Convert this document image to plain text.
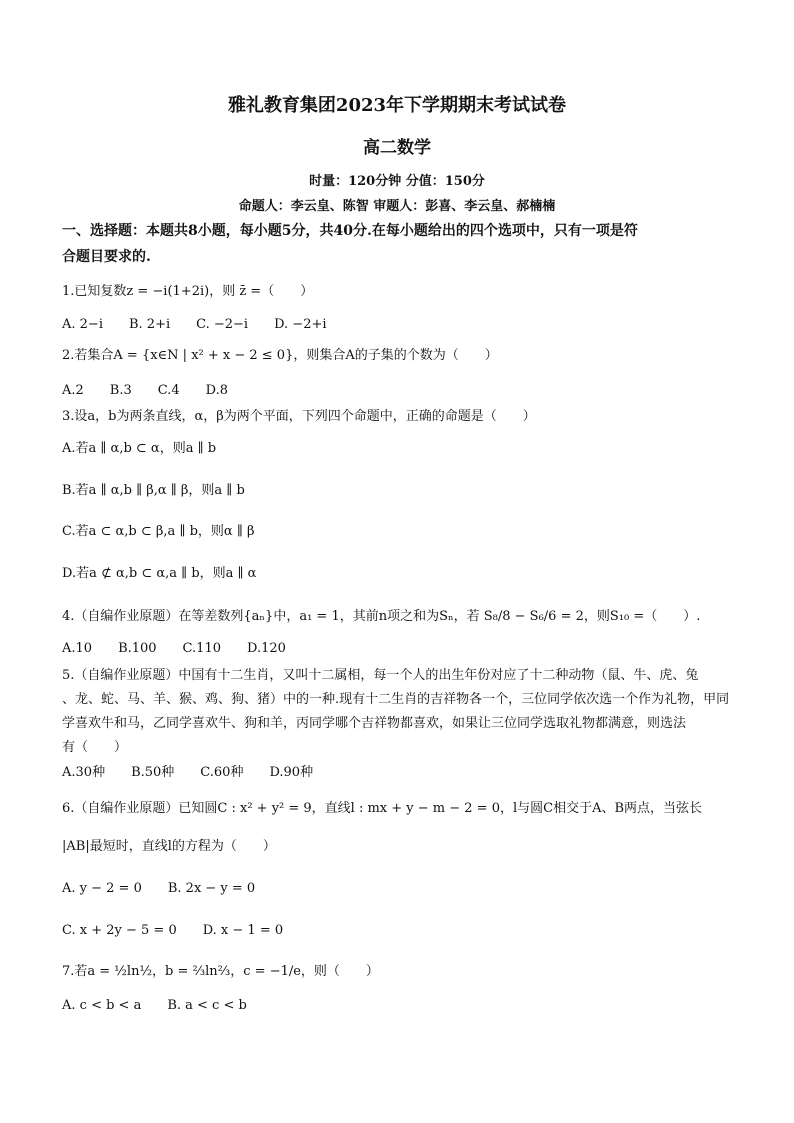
雅礼教育集团2023年下学期期末考试试卷
高二数学
时量：120分钟 分值：150分
命题人：李云皇、陈智 审题人：彭喜、李云皇、郝楠楠
一、选择题：本题共8小题，每小题5分，共40分.在每小题给出的四个选项中，只有一项是符
合题目要求的.
1.已知复数z = −i(1+2i)，则 z̄ =（　　）
A. 2−i　　B. 2+i　　C. −2−i　　D. −2+i
2.若集合A = {x∈N | x² + x − 2 ≤ 0}，则集合A的子集的个数为（　　）
A.2　　B.3　　C.4　　D.8
3.设a，b为两条直线，α，β为两个平面，下列四个命题中，正确的命题是（　　）
A.若a ∥ α,b ⊂ α，则a ∥ b
B.若a ∥ α,b ∥ β,α ∥ β，则a ∥ b
C.若a ⊂ α,b ⊂ β,a ∥ b，则α ∥ β
D.若a ⊄ α,b ⊂ α,a ∥ b，则a ∥ α
4.（自编作业原题）在等差数列{aₙ}中，a₁ = 1，其前n项之和为Sₙ，若 S₈/8 − S₆/6 = 2，则S₁₀ =（　　）.
A.10　　B.100　　C.110　　D.120
5.（自编作业原题）中国有十二生肖，又叫十二属相，每一个人的出生年份对应了十二种动物（鼠、牛、虎、兔
、龙、蛇、马、羊、猴、鸡、狗、猪）中的一种.现有十二生肖的吉祥物各一个，三位同学依次选一个作为礼物，甲同
学喜欢牛和马，乙同学喜欢牛、狗和羊，丙同学哪个吉祥物都喜欢，如果让三位同学选取礼物都满意，则选法
有（　　）
A.30种　　B.50种　　C.60种　　D.90种
6.（自编作业原题）已知圆C : x² + y² = 9，直线l : mx + y − m − 2 = 0，l与圆C相交于A、B两点，当弦长
|AB|最短时，直线l的方程为（　　）
A. y − 2 = 0　　B. 2x − y = 0
C. x + 2y − 5 = 0　　D. x − 1 = 0
7.若a = ½ln½，b = ⅔ln⅔，c = −1/e，则（　　）
A. c < b < a　　B. a < c < b
